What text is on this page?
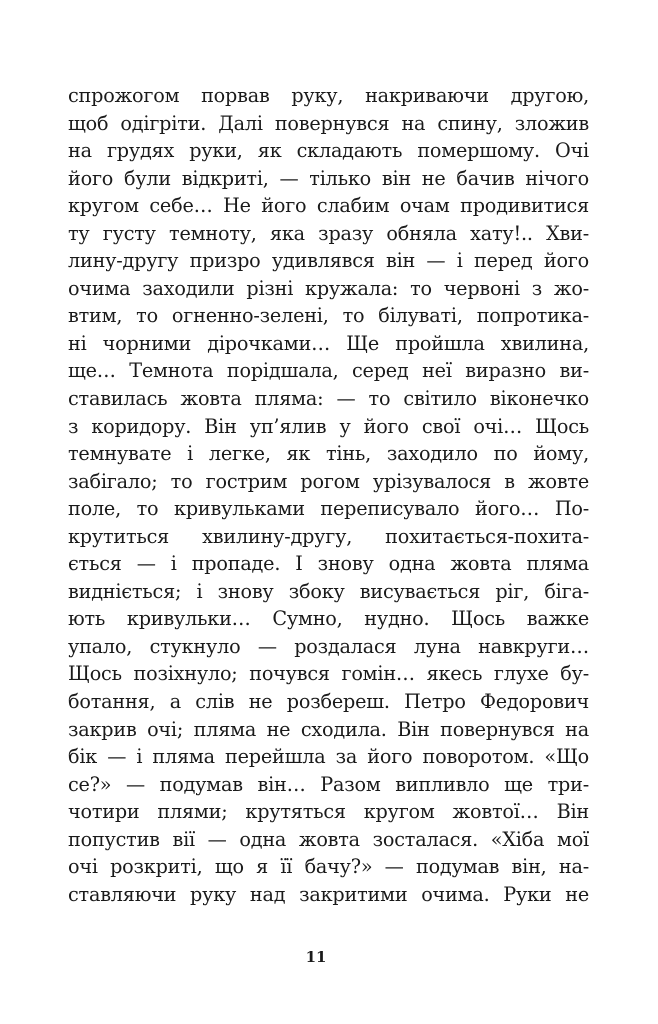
спрожогом порвав руку, накриваючи другою,
щоб одігріти. Далі повернувся на спину, зложив
на грудях руки, як складають помершому. Очі
його були відкриті, — тілько він не бачив нічого
кругом себе… Не його слабим очам продивитися
ту густу темноту, яка зразу обняла хату!.. Хви-
лину-другу призро удивлявся він — і перед його
очима заходили різні кружала: то червоні з жо-
втим, то огненно-зелені, то білуваті, попротика-
ні чорними дірочками… Ще пройшла хвилина,
ще… Темнота порідшала, серед неї виразно ви-
ставилась жовта пляма: — то світило віконечко
з коридору. Він уп’ялив у його свої очі… Щось
темнувате і легке, як тінь, заходило по йому,
забігало; то гострим рогом урізувалося в жовте
поле, то кривульками переписувало його… По-
крутиться хвилину-другу, похитається-похита-
ється — і пропаде. І знову одна жовта пляма
видніється; і знову збоку висувається ріг, біга-
ють кривульки… Сумно, нудно. Щось важке
упало, стукнуло — роздалася луна навкруги…
Щось позіхнуло; почувся гомін… якесь глухе бу-
ботання, а слів не розбереш. Петро Федорович
закрив очі; пляма не сходила. Він повернувся на
бік — і пляма перейшла за його поворотом. «Що
се?» — подумав він… Разом випливло ще три-
чотири плями; крутяться кругом жовтої… Він
попустив вії — одна жовта зосталася. «Хіба мої
очі розкриті, що я її бачу?» — подумав він, на-
ставляючи руку над закритими очима. Руки не
11
